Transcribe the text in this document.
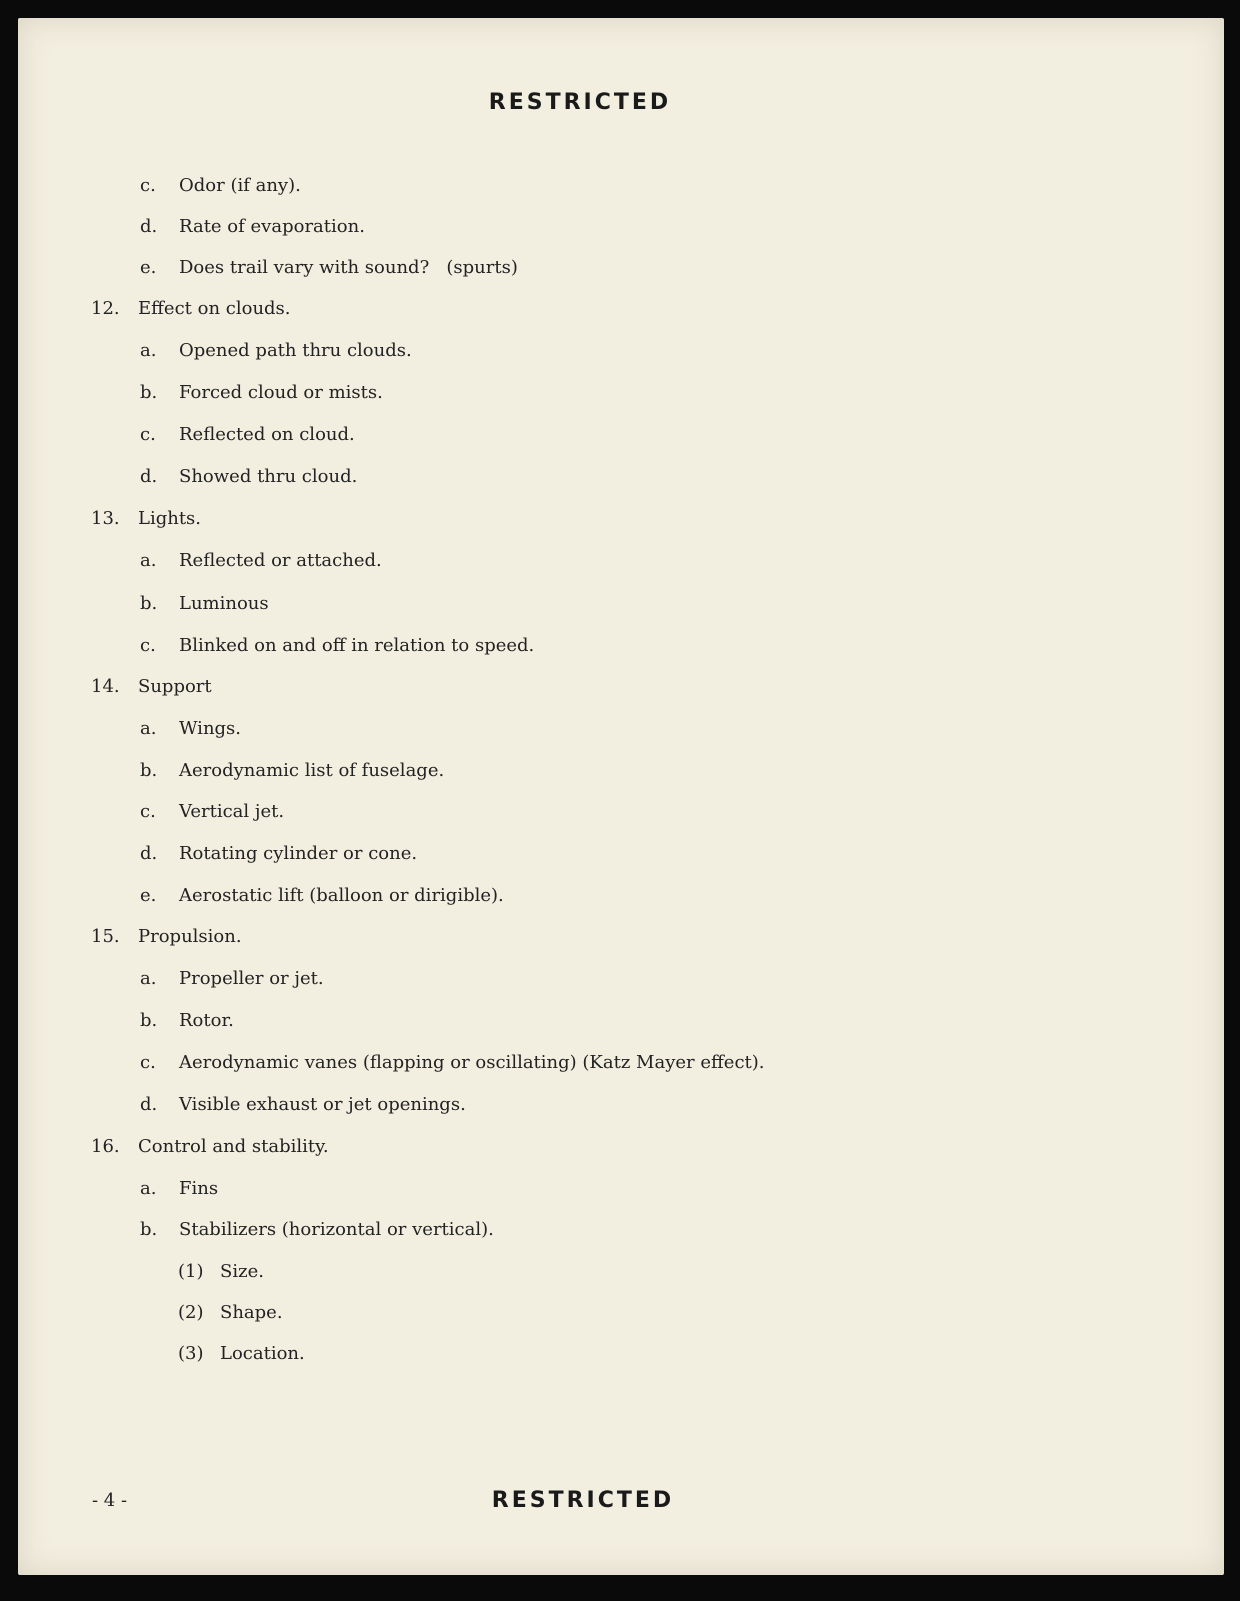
RESTRICTED
c. Odor (if any).
d. Rate of evaporation.
e. Does trail vary with sound?   (spurts)
12. Effect on clouds.
a. Opened path thru clouds.
b. Forced cloud or mists.
c. Reflected on cloud.
d. Showed thru cloud.
13. Lights.
a. Reflected or attached.
b. Luminous
c. Blinked on and off in relation to speed.
14. Support
a. Wings.
b. Aerodynamic list of fuselage.
c. Vertical jet.
d. Rotating cylinder or cone.
e. Aerostatic lift (balloon or dirigible).
15. Propulsion.
a. Propeller or jet.
b. Rotor.
c. Aerodynamic vanes (flapping or oscillating) (Katz Mayer effect).
d. Visible exhaust or jet openings.
16. Control and stability.
a. Fins
b. Stabilizers (horizontal or vertical).
(1) Size.
(2) Shape.
(3) Location.
- 4 -	RESTRICTED
